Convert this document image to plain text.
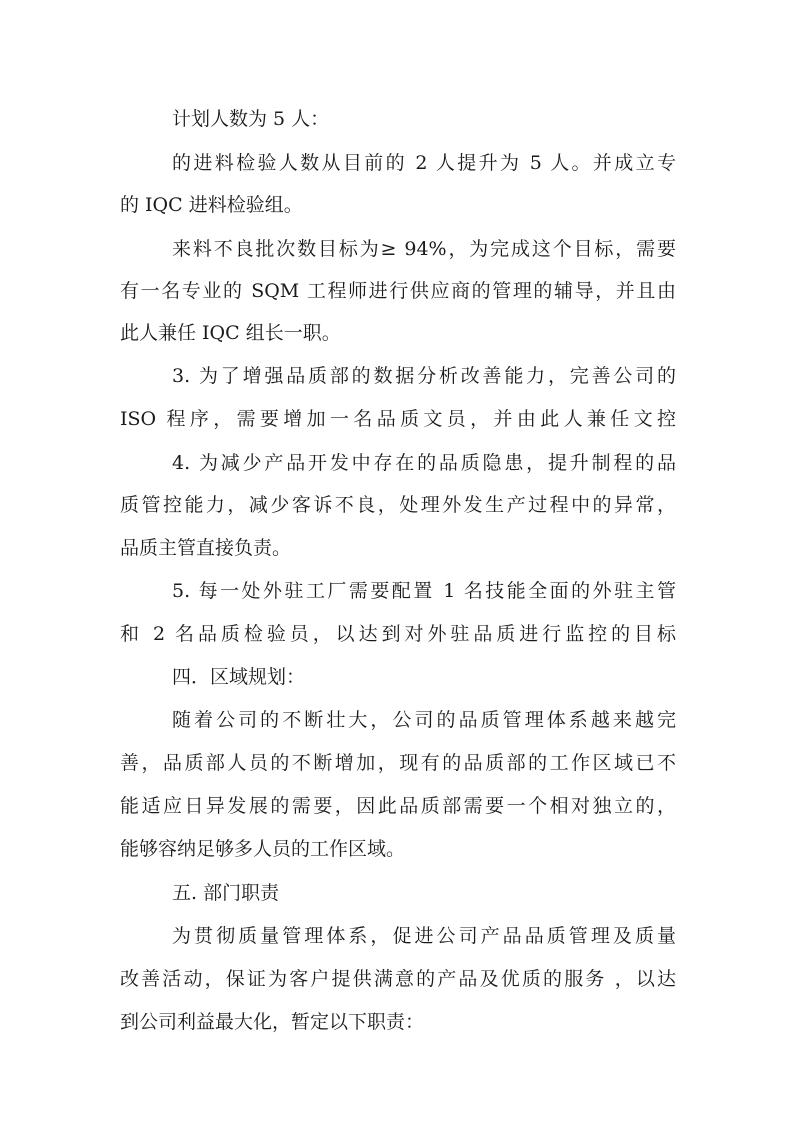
计划人数为 5 人：
的进料检验人数从目前的 2 人提升为 5 人。并成立专
的 IQC 进料检验组。
来料不良批次数目标为≥ 94%，为完成这个目标，需要
有一名专业的 SQM 工程师进行供应商的管理的辅导，并且由
此人兼任 IQC 组长一职。
3. 为了增强品质部的数据分析改善能力，完善公司的
ISO 程序，需要增加一名品质文员，并由此人兼任文控
4. 为减少产品开发中存在的品质隐患，提升制程的品
质管控能力，减少客诉不良，处理外发生产过程中的异常，
品质主管直接负责。
5. 每一处外驻工厂需要配置 1 名技能全面的外驻主管
和 2 名品质检验员，以达到对外驻品质进行监控的目标
四．区域规划：
随着公司的不断壮大，公司的品质管理体系越来越完
善，品质部人员的不断增加，现有的品质部的工作区域已不
能适应日异发展的需要，因此品质部需要一个相对独立的，
能够容纳足够多人员的工作区域。
五. 部门职责
为贯彻质量管理体系，促进公司产品品质管理及质量
改善活动，保证为客户提供满意的产品及优质的服务 ，以达
到公司利益最大化，暂定以下职责：
